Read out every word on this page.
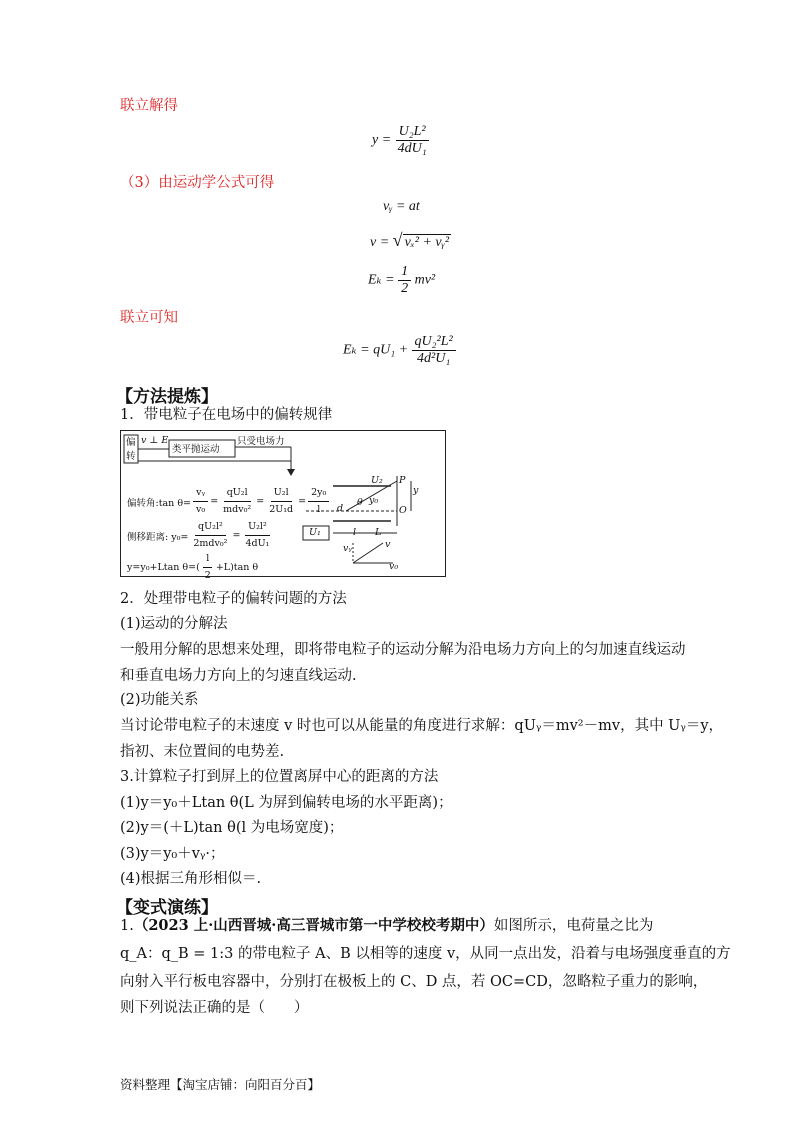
联立解得
$y = \frac{\text{U₂L²}}{\text{4dU₁}}$
（3）由运动学公式可得
vᵧ = at
v = √ vₓ² + vᵧ²
$E_k = \frac{1}{2} mv^2$
联立可知
$E_k = qU_1 + \frac{\text{qU₂²L²}}{\text{4d²U₁}}$
【方法提炼】
1．带电粒子在电场中的偏转规律
偏
转
v ⊥ E
类平抛运动
只受电场力
偏转角:tan $\theta= \frac{\text{vᵧ}}{\text{v₀}} = \frac{\text{qU₂l}}{\text{mdv₀²}} = \frac{\text{U₂l}}{\text{2U₁d}} = \frac{\text{2y₀}}{l}$
侧移距离: $y_0= \frac{\text{qU₂l²}}{\text{2mdv₀²}} = \frac{\text{U₂l²}}{\text{4dU₁}}$
y=y₀+Ltan $\theta=( \frac{l}{2} +L)\tan$ θ
U₂ P
y
O
d
θ y₀
U₁	l L
vᵧ	v
v₀
2．处理带电粒子的偏转问题的方法
(1)运动的分解法
一般用分解的思想来处理，即将带电粒子的运动分解为沿电场力方向上的匀加速直线运动
和垂直电场力方向上的匀速直线运动.
(2)功能关系
当讨论带电粒子的末速度 v 时也可以从能量的角度进行求解：qUᵧ＝mv²－mv，其中 Uᵧ＝y，
指初、末位置间的电势差.
3.计算粒子打到屏上的位置离屏中心的距离的方法
(1)y＝y₀＋Ltan θ(L 为屏到偏转电场的水平距离)；
(2)y＝(＋L)tan θ(l 为电场宽度)；
(3)y＝y₀＋vᵧ·；
(4)根据三角形相似＝.
【变式演练】
1.（2023 上·山西晋城·高三晋城市第一中学校校考期中）如图所示，电荷量之比为
q_A：q_B = 1:3 的带电粒子 A、B 以相等的速度 v，从同一点出发，沿着与电场强度垂直的方
向射入平行板电容器中，分别打在极板上的 C、D 点，若 OC=CD，忽略粒子重力的影响，
则下列说法正确的是（　　）
资料整理【淘宝店铺：向阳百分百】
